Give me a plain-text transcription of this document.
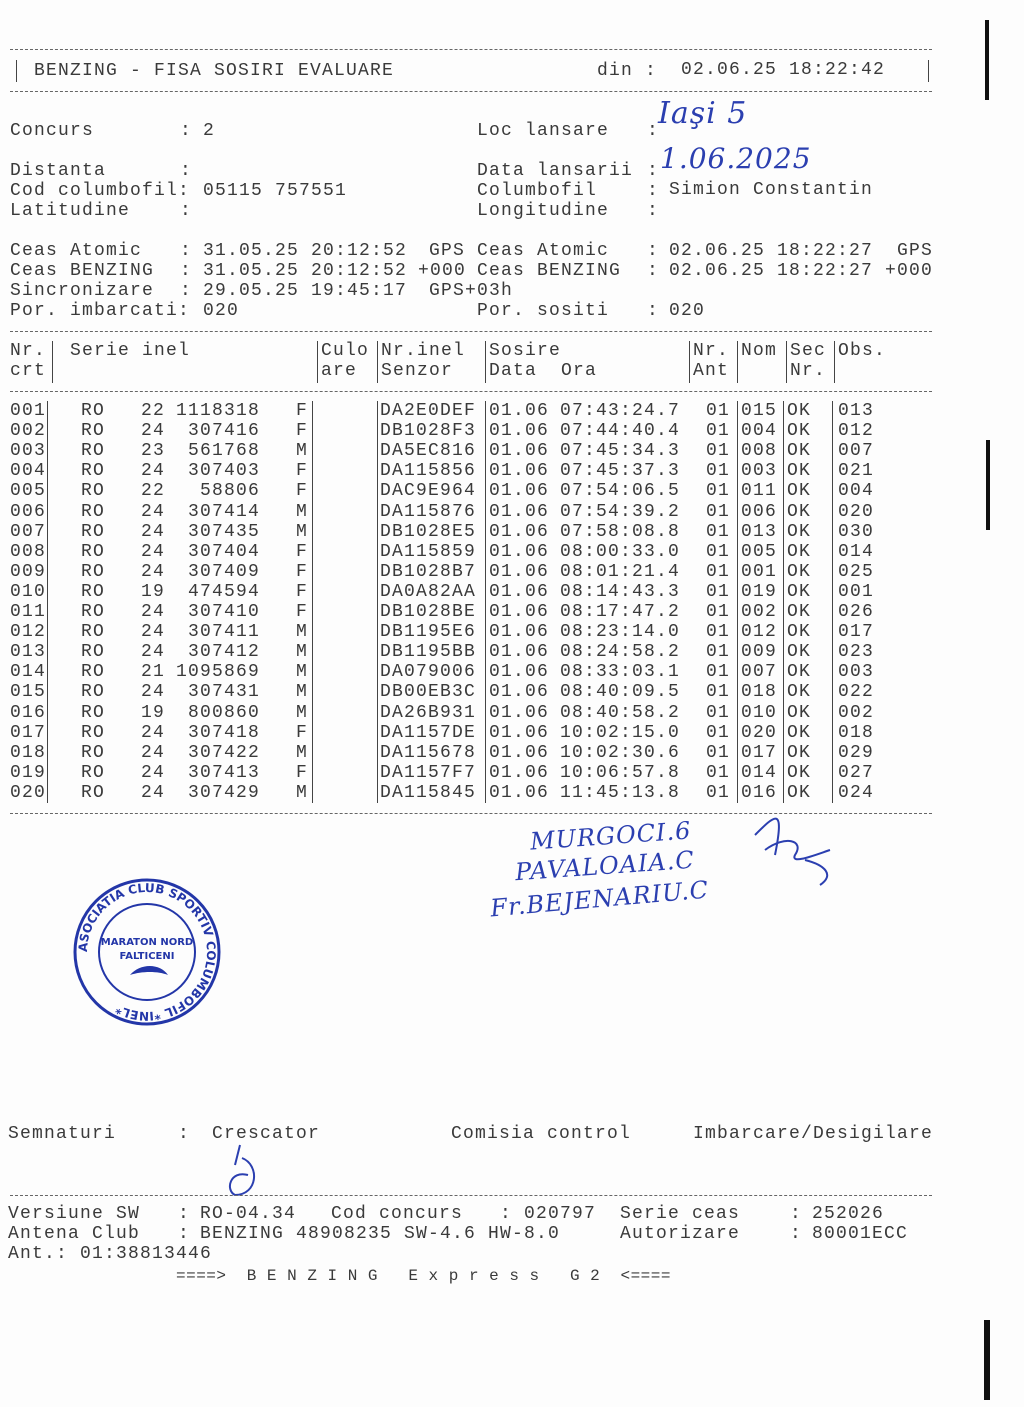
BENZING - FISA SOSIRI EVALUARE	din : 02.06.25 18:22:42
Concurs	: 2
Distanta	:
Cod columbofil: 05115 757551
Latitudine	:
Loc lansare :
Iaşi 5
Data lansarii : 1.06.2025
Columbofil	: Simion Constantin
Longitudine :
Ceas Atomic : 31.05.25 20:12:52 GPS Ceas Atomic : 02.06.25 18:22:27 GPS
Ceas BENZING : 31.05.25 20:12:52 +000 Ceas BENZING : 02.06.25 18:22:27 +000
Sincronizare : 29.05.25 19:45:17 GPS+03h
Por. imbarcati: 020	Por. sositi : 020
Nr.
crt
Serie inel	Culo
are
Nr.inel
Senzor
Sosire
Data Ora
Nr.
Ant
Nom Sec
Nr.
Obs.
001 RO 22 1118318 F	DA2E0DEF 01.06 07:43:24.7 01 015 OK 013
002 RO 24 307416 F	DB1028F3 01.06 07:44:40.4 01 004 OK 012
003 RO 23 561768 M	DA5EC816 01.06 07:45:34.3 01 008 OK 007
004 RO 24 307403 F	DA115856 01.06 07:45:37.3 01 003 OK 021
005 RO 22 58806 F	DAC9E964 01.06 07:54:06.5 01 011 OK 004
006 RO 24 307414 M	DA115876 01.06 07:54:39.2 01 006 OK 020
007 RO 24 307435 M	DB1028E5 01.06 07:58:08.8 01 013 OK 030
008 RO 24 307404 F	DA115859 01.06 08:00:33.0 01 005 OK 014
009 RO 24 307409 F	DB1028B7 01.06 08:01:21.4 01 001 OK 025
010 RO 19 474594 F	DA0A82AA 01.06 08:14:43.3 01 019 OK 001
011 RO 24 307410 F	DB1028BE 01.06 08:17:47.2 01 002 OK 026
012 RO 24 307411 M	DB1195E6 01.06 08:23:14.0 01 012 OK 017
013 RO 24 307412 M	DB1195BB 01.06 08:24:58.2 01 009 OK 023
014 RO 21 1095869 M	DA079006 01.06 08:33:03.1 01 007 OK 003
015 RO 24 307431 M	DB00EB3C 01.06 08:40:09.5 01 018 OK 022
016 RO 19 800860 M	DA26B931 01.06 08:40:58.2 01 010 OK 002
017 RO 24 307418 F	DA1157DE 01.06 10:02:15.0 01 020 OK 018
018 RO 24 307422 M	DA115678 01.06 10:02:30.6 01 017 OK 029
019 RO 24 307413 F	DA1157F7 01.06 10:06:57.8 01 014 OK 027
020 RO 24 307429 M	DA115845 01.06 11:45:13.8 01 016 OK 024
MURGOCI.6
PAVALOAIA.C
Fr.BEJENARIU.C
ASOCIATIA CLUB SPORTIV COLUMBOFIL *INEL*
MARATON NORD
FALTICENI
Semnaturi	: Crescator	Comisia control	Imbarcare/Desigilare
Versiune SW : RO-04.34 Cod concurs : 020797 Serie ceas	: 252026
Antena Club : BENZING 48908235 SW-4.6 HW-8.0	Autorizare	: 80001ECC
Ant.: 01:38813446
====>  B E N Z I N G   E x p r e s s   G 2  <====
